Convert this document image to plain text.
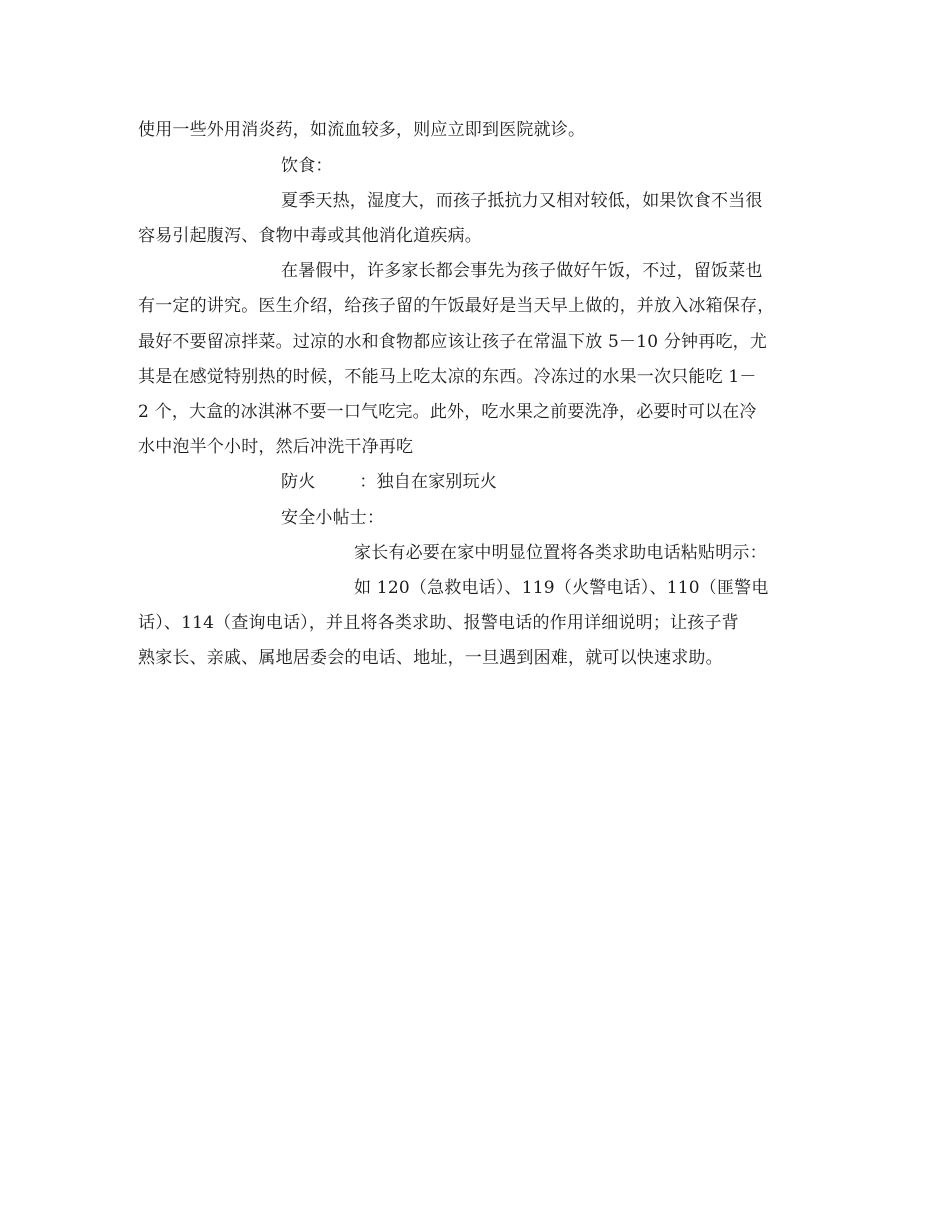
使用一些外用消炎药，如流血较多，则应立即到医院就诊。
饮食：
夏季天热，湿度大，而孩子抵抗力又相对较低，如果饮食不当很
容易引起腹泻、食物中毒或其他消化道疾病。
在暑假中，许多家长都会事先为孩子做好午饭，不过，留饭菜也
有一定的讲究。医生介绍，给孩子留的午饭最好是当天早上做的，并放入冰箱保存，
最好不要留凉拌菜。过凉的水和食物都应该让孩子在常温下放 5－10 分钟再吃，尤
其是在感觉特别热的时候，不能马上吃太凉的东西。冷冻过的水果一次只能吃 1－
2 个，大盒的冰淇淋不要一口气吃完。此外，吃水果之前要洗净，必要时可以在冷
水中泡半个小时，然后冲洗干净再吃
防火	：独自在家别玩火
安全小帖士：
家长有必要在家中明显位置将各类求助电话粘贴明示：
如 120（急救电话）、119（火警电话）、110（匪警电
话）、114（查询电话），并且将各类求助、报警电话的作用详细说明；让孩子背
熟家长、亲戚、属地居委会的电话、地址，一旦遇到困难，就可以快速求助。
